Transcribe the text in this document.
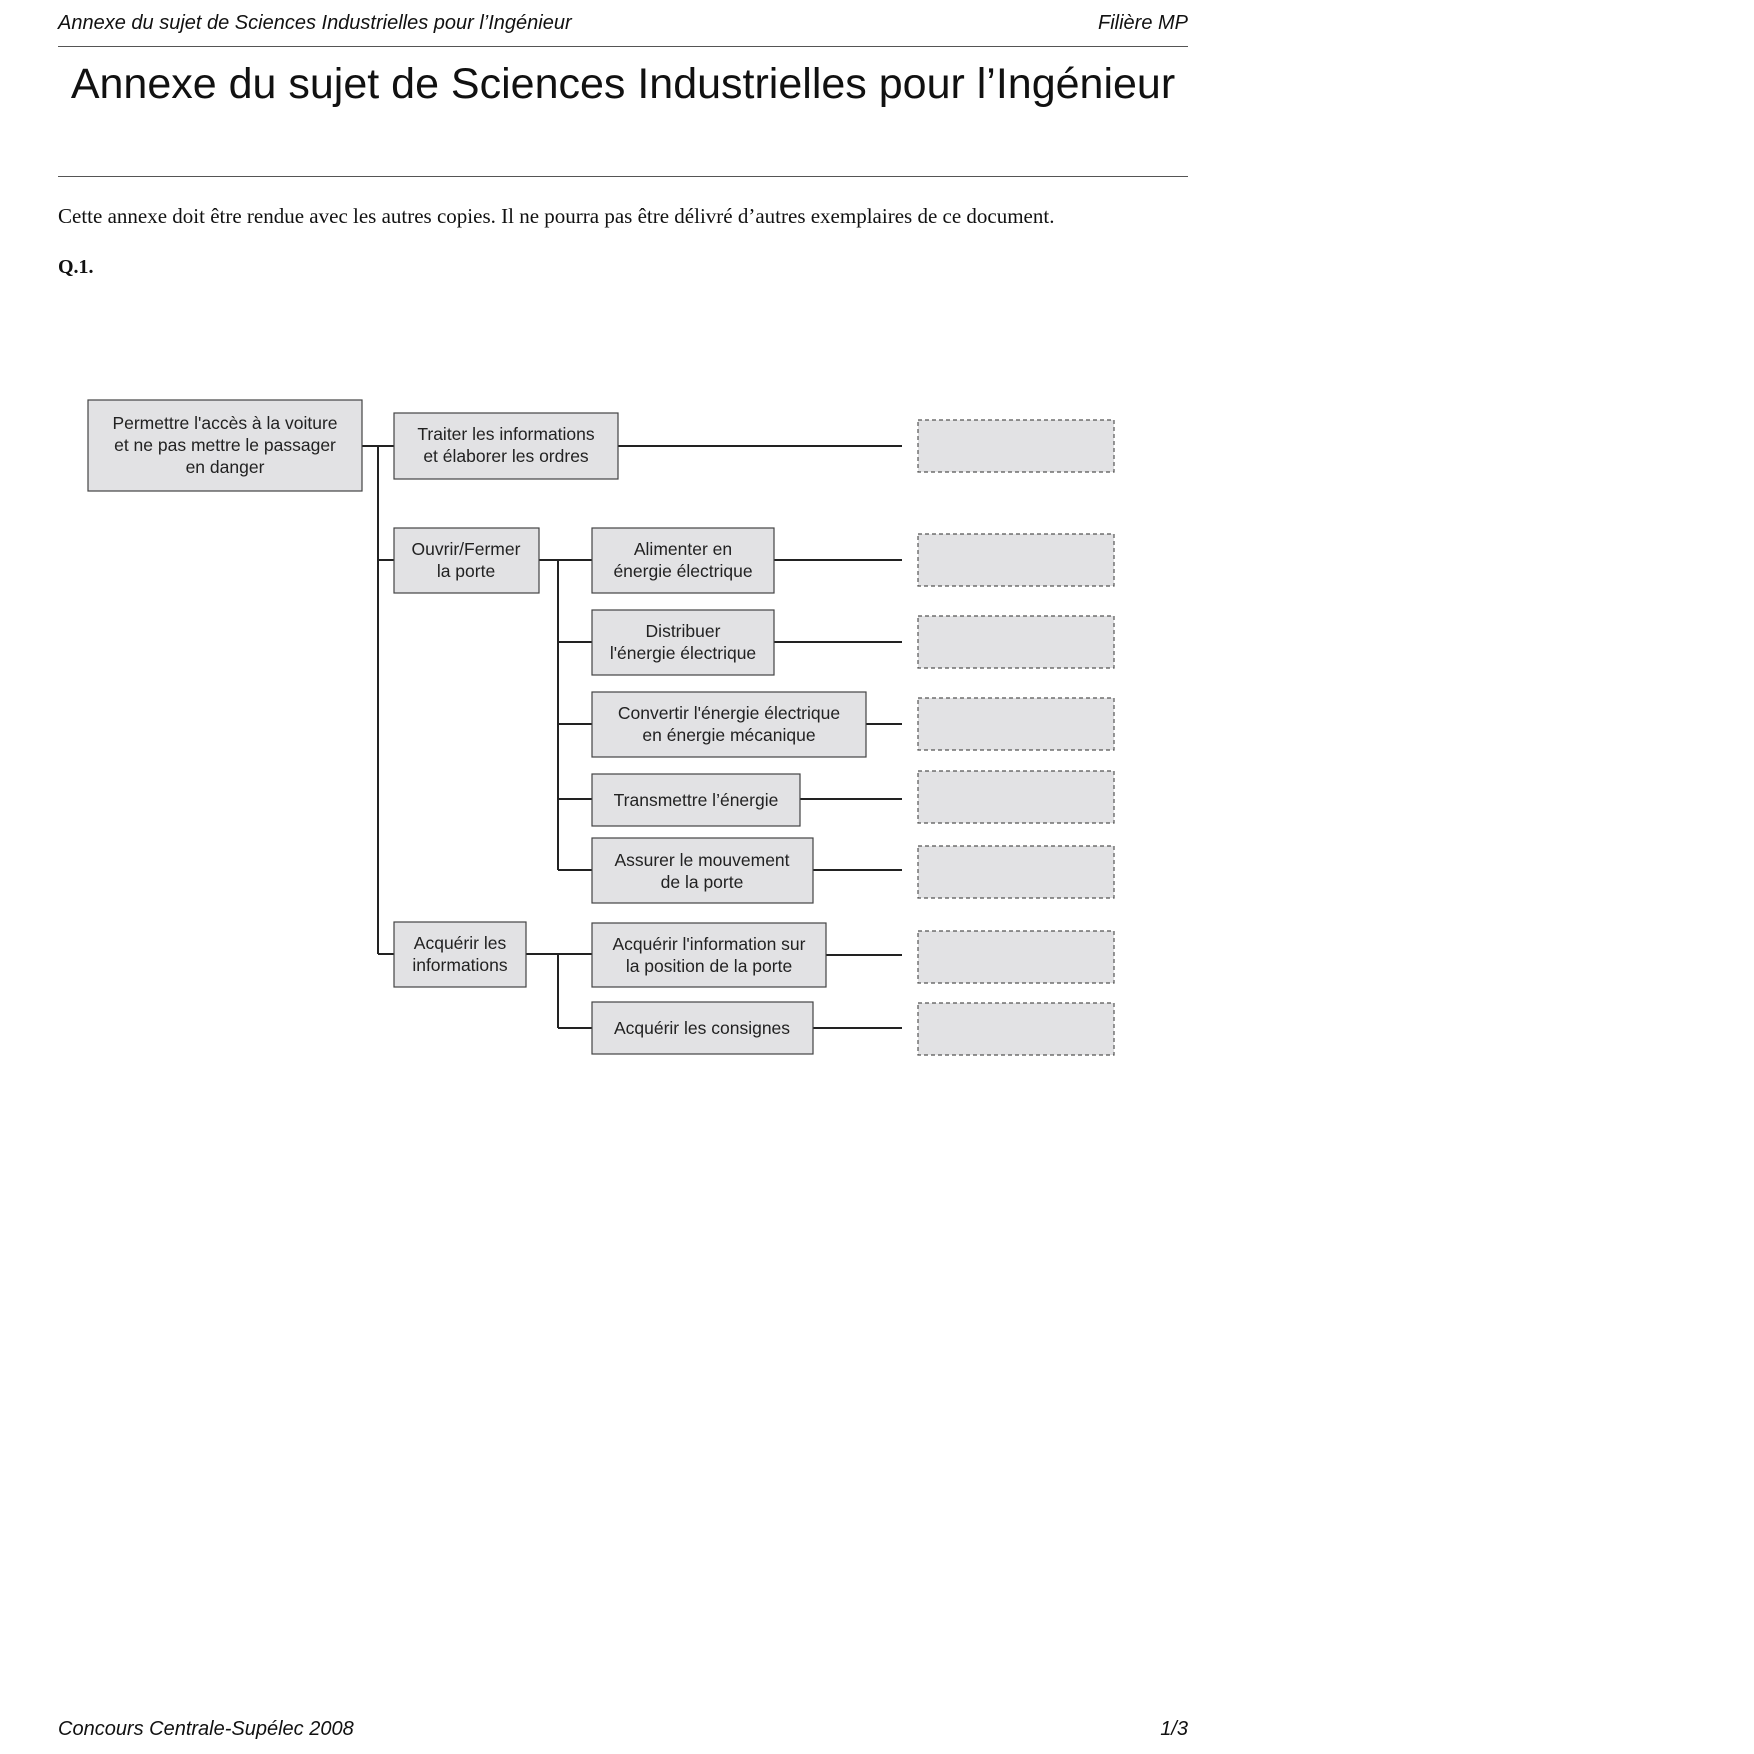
Annexe du sujet de Sciences Industrielles pour l’Ingénieur	Filière MP
Annexe du sujet de Sciences Industrielles pour l’Ingénieur
Cette annexe doit être rendue avec les autres copies. Il ne pourra pas être délivré d’autres exemplaires de ce document.
Q.1.
Permettre l'accès à la voiture et ne pas mettre le passager en danger
Traiter les informations et élaborer les ordres
Ouvrir/Fermer la porte
Acquérir les informations
Alimenter en énergie électrique
Distribuer l'énergie électrique
Convertir l'énergie électrique en énergie mécanique
Transmettre l’énergie
Assurer le mouvement de la porte
Acquérir l'information sur la position de la porte
Acquérir les consignes
Concours Centrale-Supélec 2008	1/3
